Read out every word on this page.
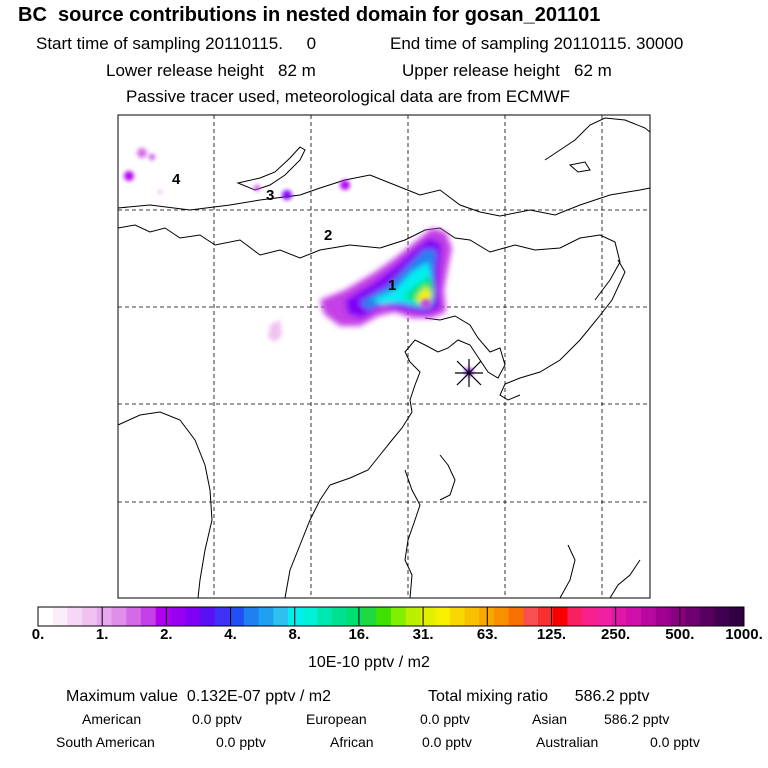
BC  source contributions in nested domain for gosan_201101
Start time of sampling 20110115.     0	End time of sampling 20110115. 30000
Lower release height   82 m	Upper release height   62 m
Passive tracer used, meteorological data are from ECMWF
1
2
3
4
0.	1.	2.	4.	8.	16.	31.	63.	125. 250. 500. 1000.
10E-10 pptv / m2
Maximum value  0.132E-07 pptv / m2	Total mixing ratio      586.2 pptv
American	0.0 pptv	European	0.0 pptv	Asian	586.2 pptv
South American	0.0 pptv	African	0.0 pptv	Australian	0.0 pptv
